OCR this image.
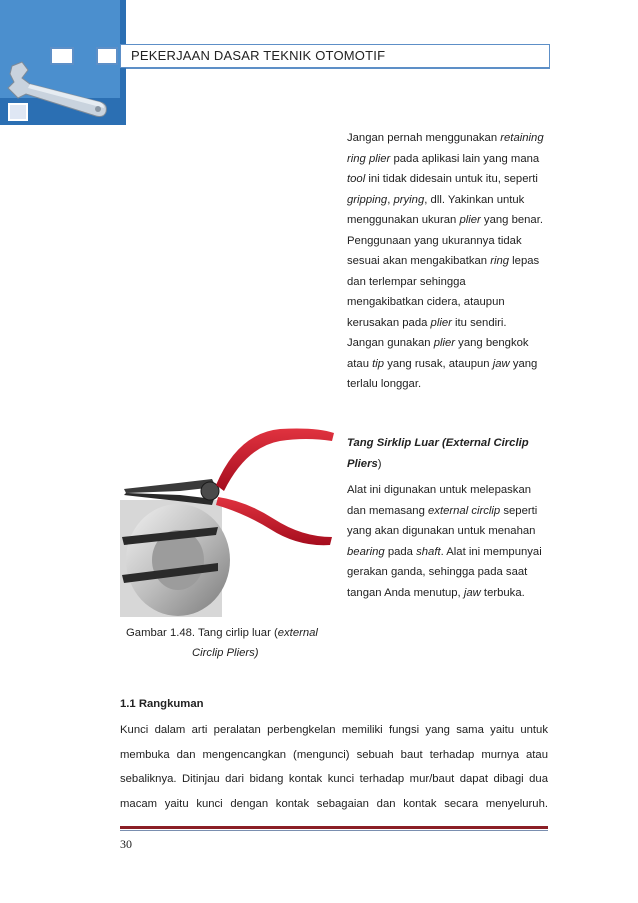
PEKERJAAN DASAR TEKNIK OTOMOTIF

Jangan pernah menggunakan retaining

ring plier pada aplikasi lain yang mana

tool ini tidak didesain untuk itu, seperti

gripping, prying, dll. Yakinkan untuk

menggunakan ukuran plier yang benar.

Penggunaan yang ukurannya tidak

sesuai akan mengakibatkan ring lepas

dan terlempar sehingga

mengakibatkan cidera, ataupun

kerusakan pada plier itu sendiri.

Jangan gunakan plier yang bengkok

atau tip yang rusak, ataupun jaw yang

terlalu longgar.

Tang Sirklip Luar (External Circlip
Pliers)

Alat ini digunakan untuk melepaskan

dan memasang external circlip seperti

yang akan digunakan untuk menahan

bearing pada shaft. Alat ini mempunyai

gerakan ganda, sehingga pada saat

tangan Anda menutup, jaw terbuka.

Gambar 1.48. Tang cirlip luar (external
Circlip Pliers)
1.1 Rangkuman
Kunci dalam arti peralatan perbengkelan memiliki fungsi yang sama yaitu untuk
membuka dan mengencangkan (mengunci) sebuah baut terhadap murnya atau
sebaliknya. Ditinjau dari bidang kontak kunci terhadap mur/baut dapat dibagi dua
macam yaitu kunci dengan kontak sebagaian dan kontak secara menyeluruh.
30
